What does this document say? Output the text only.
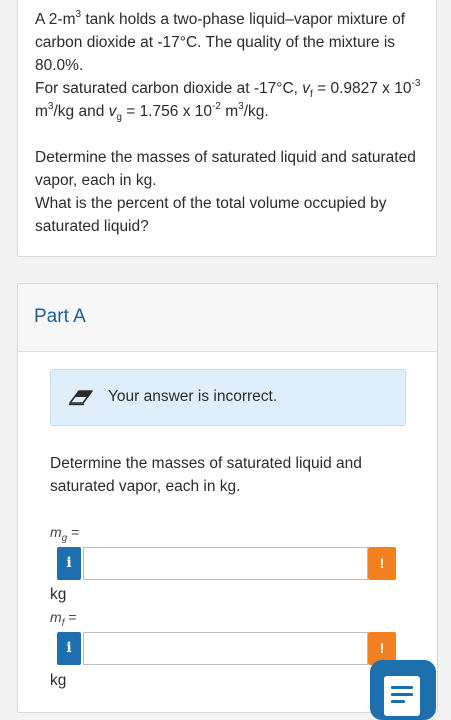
A $2-m^3$ tank holds a two-phase liquid–vapor mixture of carbon dioxide at -17°C. The quality of the mixture is 80.0%.

For saturated carbon dioxide at -17°C, $v_f = 0.9827$ x $10^{-3}$ $m^3/kg$ and $v_g = 1.756$ x $10^{-2}$ $m^3/kg$.

Determine the masses of saturated liquid and saturated vapor, each in kg.

What is the percent of the total volume occupied by saturated liquid?

Part A
Your answer is incorrect.
Determine the masses of saturated liquid and saturated vapor, each in kg.
$m_g$ =
i	!
kg
$m_f$ =
i	!
kg
